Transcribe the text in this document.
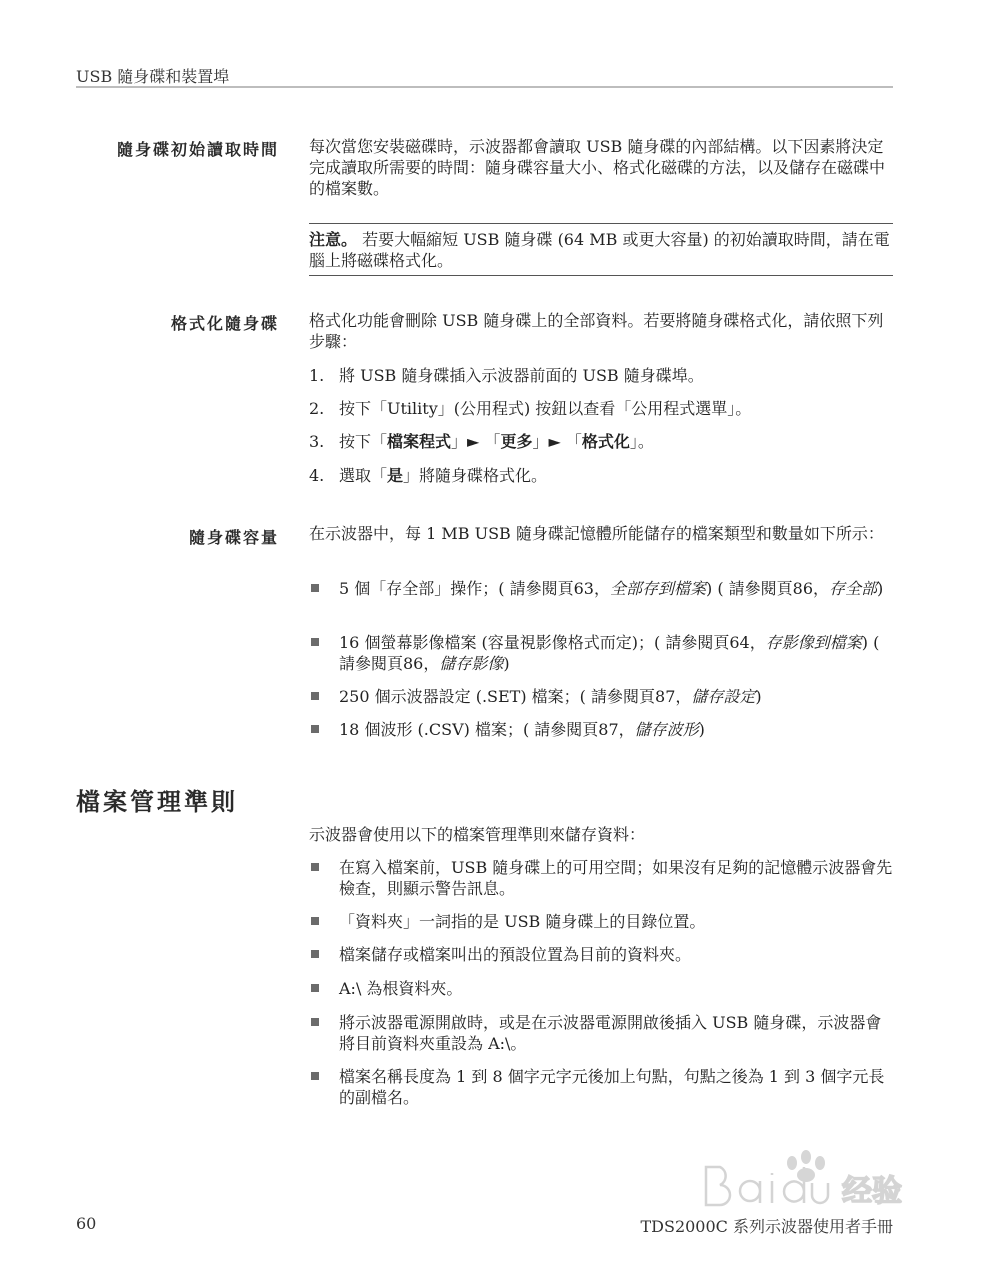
USB 隨身碟和裝置埠
隨身碟初始讀取時間 每次當您安裝磁碟時，示波器都會讀取 USB 隨身碟的內部結構。以下因素將決定完成讀取所需要的時間：隨身碟容量大小、格式化磁碟的方法，以及儲存在磁碟中的檔案數。
注意。 若要大幅縮短 USB 隨身碟 (64 MB 或更大容量) 的初始讀取時間，請在電腦上將磁碟格式化。
格式化隨身碟 格式化功能會刪除 USB 隨身碟上的全部資料。若要將隨身碟格式化，請依照下列步驟：
1. 將 USB 隨身碟插入示波器前面的 USB 隨身碟埠。
2. 按下「Utility」(公用程式) 按鈕以查看「公用程式選單」。
3. 按下「檔案程式」► 「更多」► 「格式化」。
4. 選取「是」將隨身碟格式化。
隨身碟容量 在示波器中，每 1 MB USB 隨身碟記憶體所能儲存的檔案類型和數量如下所示：
5 個「存全部」操作；( 請參閱頁63，全部存到檔案) ( 請參閱頁86，存全部)
16 個螢幕影像檔案 (容量視影像格式而定)；( 請參閱頁64，存影像到檔案) ( 請參閱頁86，儲存影像)
250 個示波器設定 (.SET) 檔案；( 請參閱頁87，儲存設定)
18 個波形 (.CSV) 檔案；( 請參閱頁87，儲存波形)
檔案管理準則
示波器會使用以下的檔案管理準則來儲存資料：
在寫入檔案前，USB 隨身碟上的可用空間；如果沒有足夠的記憶體示波器會先檢查，則顯示警告訊息。
「資料夾」一詞指的是 USB 隨身碟上的目錄位置。
檔案儲存或檔案叫出的預設位置為目前的資料夾。
A:\ 為根資料夾。
將示波器電源開啟時，或是在示波器電源開啟後插入 USB 隨身碟，示波器會將目前資料夾重設為 A:\。
檔案名稱長度為 1 到 8 個字元字元後加上句點，句點之後為 1 到 3 個字元長的副檔名。
经验
60	TDS2000C 系列示波器使用者手冊
